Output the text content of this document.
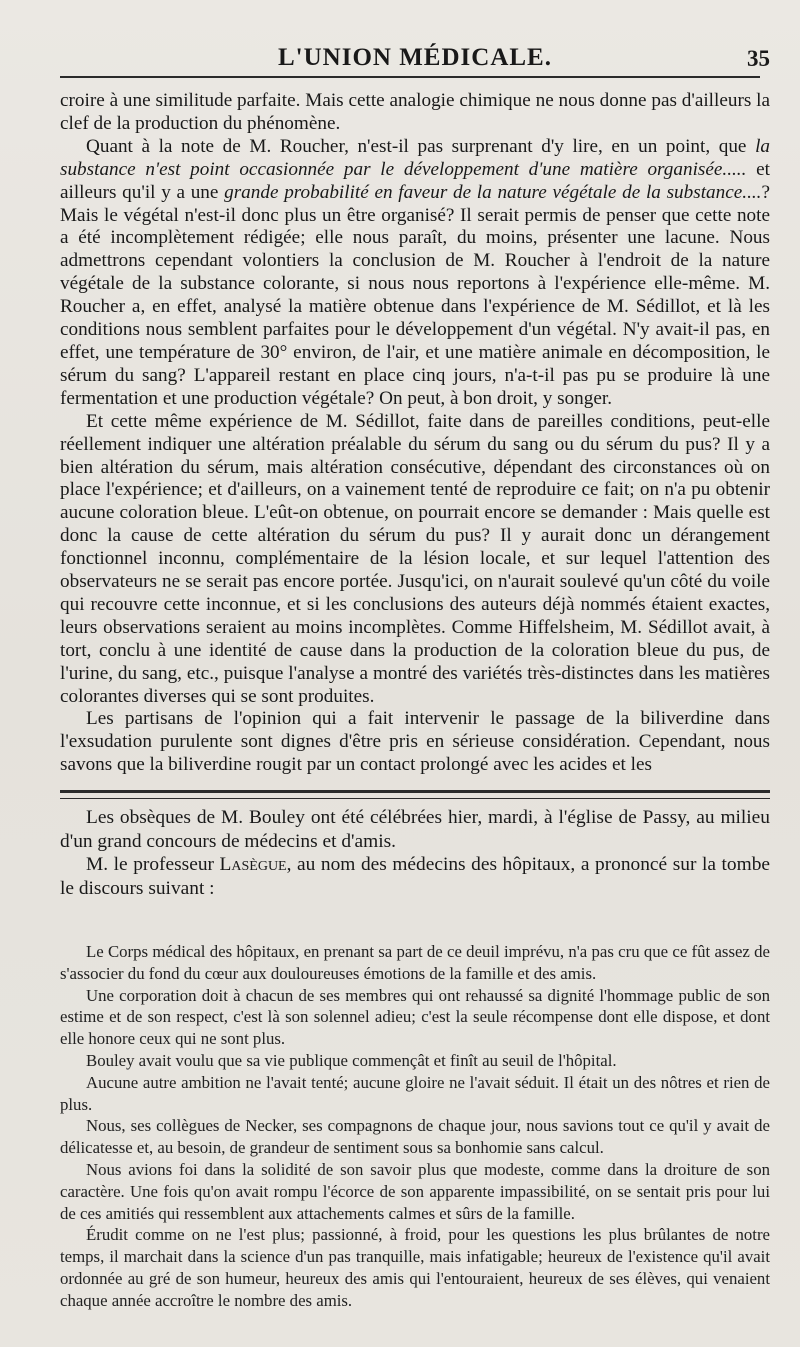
L'UNION MÉDICALE.	35

croire à une similitude parfaite. Mais cette analogie chimique ne nous donne pas d'ailleurs la clef de la production du phénomène.

Quant à la note de M. Roucher, n'est-il pas surprenant d'y lire, en un point, que la substance n'est point occasionnée par le développement d'une matière organisée..... et ailleurs qu'il y a une grande probabilité en faveur de la nature végétale de la substance....?Mais le végétal n'est-il donc plus un être organisé? Il serait permis de penser que cette note a été incomplètement rédigée; elle nous paraît, du moins, présenter une lacune. Nous admettrons cependant volontiers la conclusion de M. Roucher à l'endroit de la nature végétale de la substance colorante, si nous nous reportons à l'expérience elle-même. M. Roucher a, en effet, analysé la matière obtenue dans l'expérience de M. Sédillot, et là les conditions nous semblent parfaites pour le développement d'un végétal. N'y avait-il pas, en effet, une température de 30° environ, de l'air, et une matière animale en décomposition, le sérum du sang? L'appareil restant en place cinq jours, n'a-t-il pas pu se produire là une fermentation et une production végétale? On peut, à bon droit, y songer.

Et cette même expérience de M. Sédillot, faite dans de pareilles conditions, peut-elle réellement indiquer une altération préalable du sérum du sang ou du sérum du pus? Il y a bien altération du sérum, mais altération consécutive, dépendant des circonstances où on place l'expérience; et d'ailleurs, on a vainement tenté de reproduire ce fait; on n'a pu obtenir aucune coloration bleue. L'eût-on obtenue, on pourrait encore se demander : Mais quelle est donc la cause de cette altération du sérum du pus? Il y aurait donc un dérangement fonctionnel inconnu, complémentaire de la lésion locale, et sur lequel l'attention des observateurs ne se serait pas encore portée. Jusqu'ici, on n'aurait soulevé qu'un côté du voile qui recouvre cette inconnue, et si les conclusions des auteurs déjà nommés étaient exactes, leurs observations seraient au moins incomplètes. Comme Hiffelsheim, M. Sédillot avait, à tort, conclu à une identité de cause dans la production de la coloration bleue du pus, de l'urine, du sang, etc., puisque l'analyse a montré des variétés très-distinctes dans les matières colorantes diverses qui se sont produites.

Les partisans de l'opinion qui a fait intervenir le passage de la biliverdine dans l'exsudation purulente sont dignes d'être pris en sérieuse considération. Cependant, nous savons que la biliverdine rougit par un contact prolongé avec les acides et les

Les obsèques de M. Bouley ont été célébrées hier, mardi, à l'église de Passy, au milieu d'un grand concours de médecins et d'amis.

M. le professeur Lasègue, au nom des médecins des hôpitaux, a prononcé sur la tombe le discours suivant :

Le Corps médical des hôpitaux, en prenant sa part de ce deuil imprévu, n'a pas cru que ce fût assez de s'associer du fond du cœur aux douloureuses émotions de la famille et des amis.

Une corporation doit à chacun de ses membres qui ont rehaussé sa dignité l'hommage public de son estime et de son respect, c'est là son solennel adieu; c'est la seule récompense dont elle dispose, et dont elle honore ceux qui ne sont plus.

Bouley avait voulu que sa vie publique commençât et finît au seuil de l'hôpital.

Aucune autre ambition ne l'avait tenté; aucune gloire ne l'avait séduit. Il était un des nôtres et rien de plus.

Nous, ses collègues de Necker, ses compagnons de chaque jour, nous savions tout ce qu'il y avait de délicatesse et, au besoin, de grandeur de sentiment sous sa bonhomie sans calcul.

Nous avions foi dans la solidité de son savoir plus que modeste, comme dans la droiture de son caractère. Une fois qu'on avait rompu l'écorce de son apparente impassibilité, on se sentait pris pour lui de ces amitiés qui ressemblent aux attachements calmes et sûrs de la famille.

Érudit comme on ne l'est plus; passionné, à froid, pour les questions les plus brûlantes de notre temps, il marchait dans la science d'un pas tranquille, mais infatigable; heureux de l'existence qu'il avait ordonnée au gré de son humeur, heureux des amis qui l'entouraient, heureux de ses élèves, qui venaient chaque année accroître le nombre des amis.
